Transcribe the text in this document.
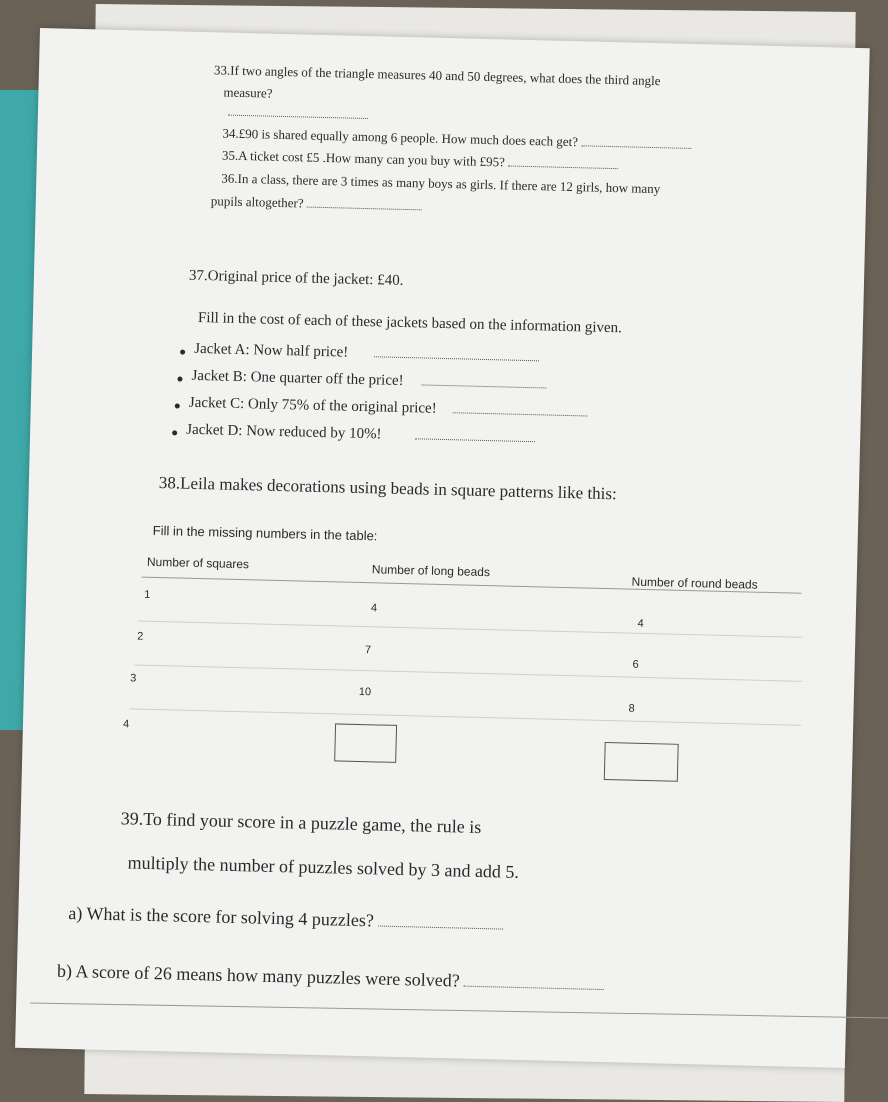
33.If two angles of the triangle measures 40 and 50 degrees, what does the third angle
measure?
34.£90 is shared equally among 6 people. How much does each get?
35.A ticket cost £5 .How many can you buy with £95?
36.In a class, there are 3 times as many boys as girls. If there are 12 girls, how many
pupils altogether?
37.Original price of the jacket: £40.
Fill in the cost of each of these jackets based on the information given.
Jacket A: Now half price!
Jacket B: One quarter off the price!
Jacket C: Only 75% of the original price!
Jacket D: Now reduced by 10%!
38.Leila makes decorations using beads in square patterns like this:
Fill in the missing numbers in the table:
Number of squares	Number of long beads
Number of round beads
1
4
4
2
7
6
3
10
8
4
39.To find your score in a puzzle game, the rule is
multiply the number of puzzles solved by 3 and add 5.
a) What is the score for solving 4 puzzles?
b) A score of 26 means how many puzzles were solved?
